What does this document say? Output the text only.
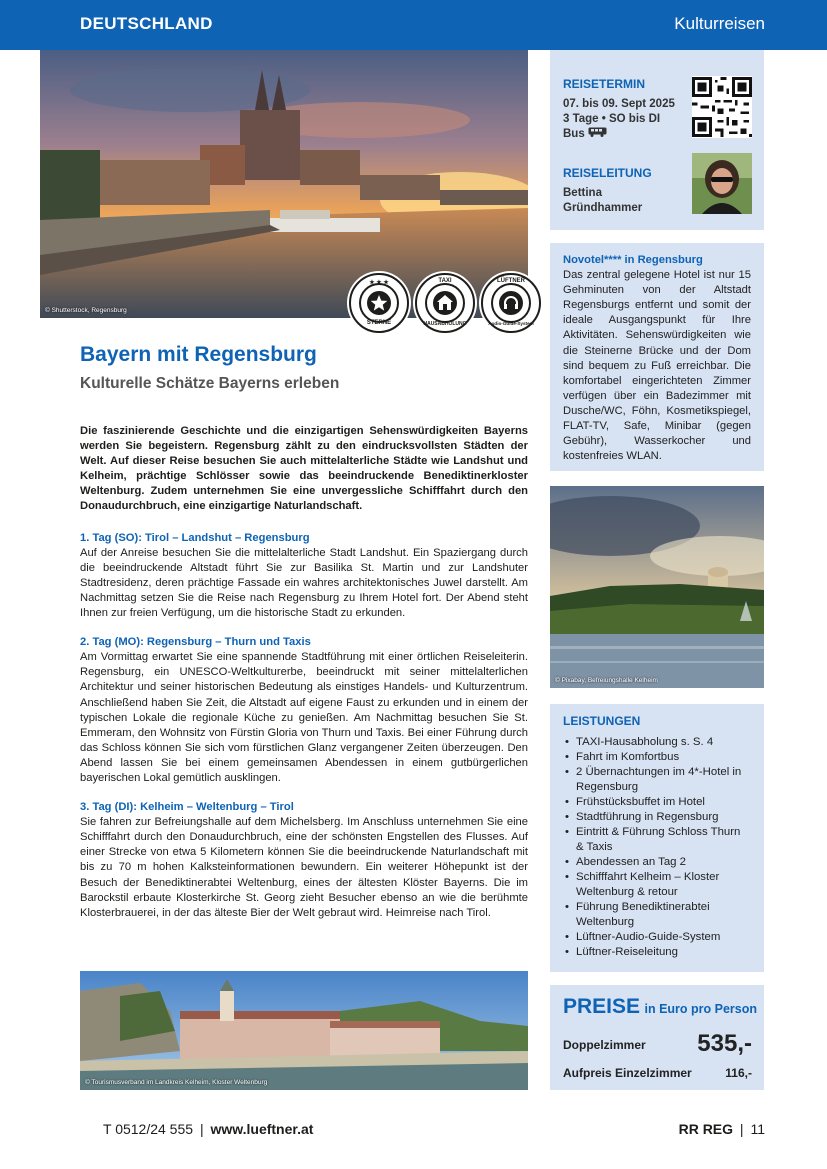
DEUTSCHLAND	Kulturreisen
© Shutterstock, Regensburg
★ ★ ★
STERNE
TAXI
HAUSABHOLUNG
LÜFTNER
Audio-Guide-System
Bayern mit Regensburg
Kulturelle Schätze Bayerns erleben

Die faszinierende Geschichte und die einzigartigen Sehenswürdigkeiten Bayerns werden Sie begeistern. Regensburg zählt zu den eindrucksvollsten Städten der Welt. Auf dieser Reise besuchen Sie auch mittelalterliche Städte wie Landshut und Kelheim, prächtige Schlösser sowie das beeindruckende Benediktinerkloster Weltenburg. Zudem unternehmen Sie eine unvergessliche Schifffahrt durch den Donaudurchbruch, eine einzigartige Naturlandschaft.

1. Tag (SO): Tirol – Landshut – Regensburg

Auf der Anreise besuchen Sie die mittelalterliche Stadt Landshut. Ein Spaziergang durch die beeindruckende Altstadt führt Sie zur Basilika St. Martin und zur Landshuter Stadtresidenz, deren prächtige Fassade ein wahres architektonisches Juwel darstellt. Am Nachmittag setzen Sie die Reise nach Regensburg zu Ihrem Hotel fort. Der Abend steht Ihnen zur freien Verfügung, um die historische Stadt zu erkunden.

2. Tag (MO): Regensburg – Thurn und Taxis

Am Vormittag erwartet Sie eine spannende Stadtführung mit einer örtlichen Reiseleiterin. Regensburg, ein UNESCO-Weltkulturerbe, beeindruckt mit seiner mittelalterlichen Architektur und seiner historischen Bedeutung als einstiges Handels- und Kulturzentrum. Anschließend haben Sie Zeit, die Altstadt auf eigene Faust zu erkunden und in einem der typischen Lokale die regionale Küche zu genießen. Am Nachmittag besuchen Sie St. Emmeram, den Wohnsitz von Fürstin Gloria von Thurn und Taxis. Bei einer Führung durch das Schloss können Sie sich vom fürstlichen Glanz vergangener Zeiten überzeugen. Den Abend lassen Sie bei einem gemeinsamen Abendessen in einem gutbürgerlichen bayerischen Lokal gemütlich ausklingen.

3. Tag (DI): Kelheim – Weltenburg – Tirol

Sie fahren zur Befreiungshalle auf dem Michelsberg. Im Anschluss unternehmen Sie eine Schifffahrt durch den Donaudurchbruch, eine der schönsten Engstellen des Flusses. Auf einer Strecke von etwa 5 Kilometern können Sie die beeindruckende Naturlandschaft mit bis zu 70 m hohen Kalksteinformationen bewundern. Ein weiterer Höhepunkt ist der Besuch der Benediktinerabtei Weltenburg, eines der ältesten Klöster Bayerns. Die im Barockstil erbaute Klosterkirche St. Georg zieht Besucher ebenso an wie die berühmte Klosterbrauerei, in der das älteste Bier der Welt gebraut wird. Heimreise nach Tirol.

© Tourismusverband im Landkreis Kelheim, Kloster Weltenburg
REISETERMIN
07. bis 09. Sept 2025
3 Tage • SO bis DI
Bus
REISELEITUNG
Bettina
Gründhammer

Novotel**** in Regensburg

Das zentral gelegene Hotel ist nur 15 Gehminuten von der Altstadt Regensburgs entfernt und somit der ideale Ausgangspunkt für Ihre Aktivitäten. Sehenswürdigkeiten wie die Steinerne Brücke und der Dom sind bequem zu Fuß erreichbar. Die komfortabel eingerichteten Zimmer verfügen über ein Badezimmer mit Dusche/WC, Föhn, Kosmetikspiegel, FLAT-TV, Safe, Minibar (gegen Gebühr), Wasserkocher und kostenfreies WLAN.

© Pixabay, Befreiungshalle Kelheim

LEISTUNGEN

• TAXI-Hausabholung s. S. 4
• Fahrt im Komfortbus
• 2 Übernachtungen im 4*-Hotel in Regensburg
• Frühstücksbuffet im Hotel
• Stadtführung in Regensburg
• Eintritt & Führung Schloss Thurn & Taxis
• Abendessen an Tag 2
• Schifffahrt Kelheim – Kloster Weltenburg & retour
• Führung Benediktinerabtei Weltenburg
• Lüftner-Audio-Guide-System
• Lüftner-Reiseleitung
PREISE in Euro pro Person
Doppelzimmer 535,-
Aufpreis Einzelzimmer	116,-
T 0512/24 555 | www.lueftner.at	RR REG | 11
